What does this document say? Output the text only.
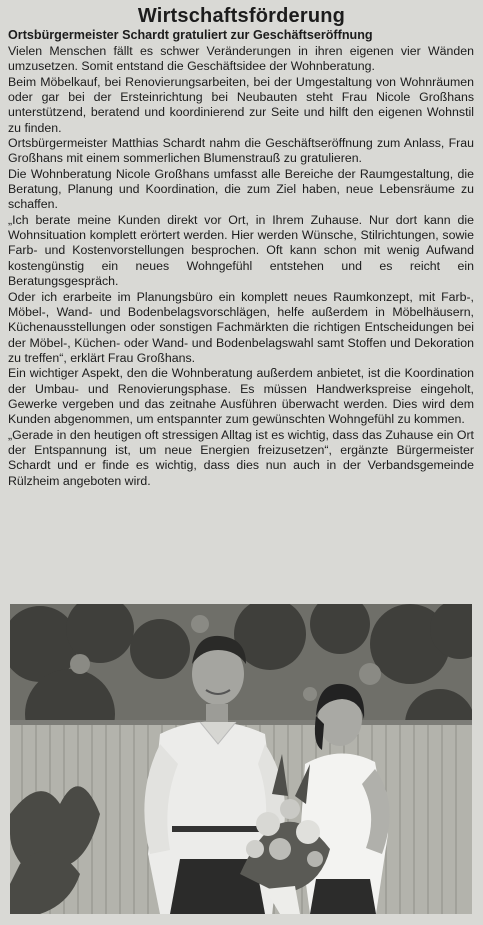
Wirtschaftsförderung
Ortsbürgermeister Schardt gratuliert zur Geschäftseröffnung

Vielen Menschen fällt es schwer Veränderungen in ihren eigenen vier Wänden umzusetzen. Somit entstand die Geschäftsidee der Wohnberatung.

Beim Möbelkauf, bei Renovierungsarbeiten, bei der Umgestaltung von Wohnräumen oder gar bei der Ersteinrichtung bei Neubauten steht Frau Nicole Großhans unterstützend, beratend und koordinierend zur Seite und hilft den eigenen Wohnstil zu finden.

Ortsbürgermeister Matthias Schardt nahm die Geschäftseröffnung zum Anlass, Frau Großhans mit einem sommerlichen Blumenstrauß zu gratulieren.

Die Wohnberatung Nicole Großhans umfasst alle Bereiche der Raumgestaltung, die Beratung, Planung und Koordination, die zum Ziel haben, neue Lebensräume zu schaffen.

„Ich berate meine Kunden direkt vor Ort, in Ihrem Zuhause. Nur dort kann die Wohnsituation komplett erörtert werden. Hier werden Wünsche, Stilrichtungen, sowie Farb- und Kostenvorstellungen besprochen. Oft kann schon mit wenig Aufwand kostengünstig ein neues Wohngefühl entstehen und es reicht ein Beratungsgespräch.

Oder ich erarbeite im Planungsbüro ein komplett neues Raumkonzept, mit Farb-, Möbel-, Wand- und Bodenbelagsvorschlägen, helfe außerdem in Möbelhäusern, Küchenausstellungen oder sonstigen Fachmärkten die richtigen Entscheidungen bei der Möbel-, Küchen- oder Wand- und Bodenbelagswahl samt Stoffen und Dekoration zu treffen“, erklärt Frau Großhans.

Ein wichtiger Aspekt, den die Wohnberatung außerdem anbietet, ist die Koordination der Umbau- und Renovierungsphase. Es müssen Handwerkspreise eingeholt, Gewerke vergeben und das zeitnahe Ausführen überwacht werden. Dies wird dem Kunden abgenommen, um entspannter zum gewünschten Wohngefühl zu kommen.

„Gerade in den heutigen oft stressigen Alltag ist es wichtig, dass das Zuhause ein Ort der Entspannung ist, um neue Energien freizusetzen“, ergänzte Bürgermeister Schardt und er finde es wichtig, dass dies nun auch in der Verbandsgemeinde Rülzheim angeboten wird.
